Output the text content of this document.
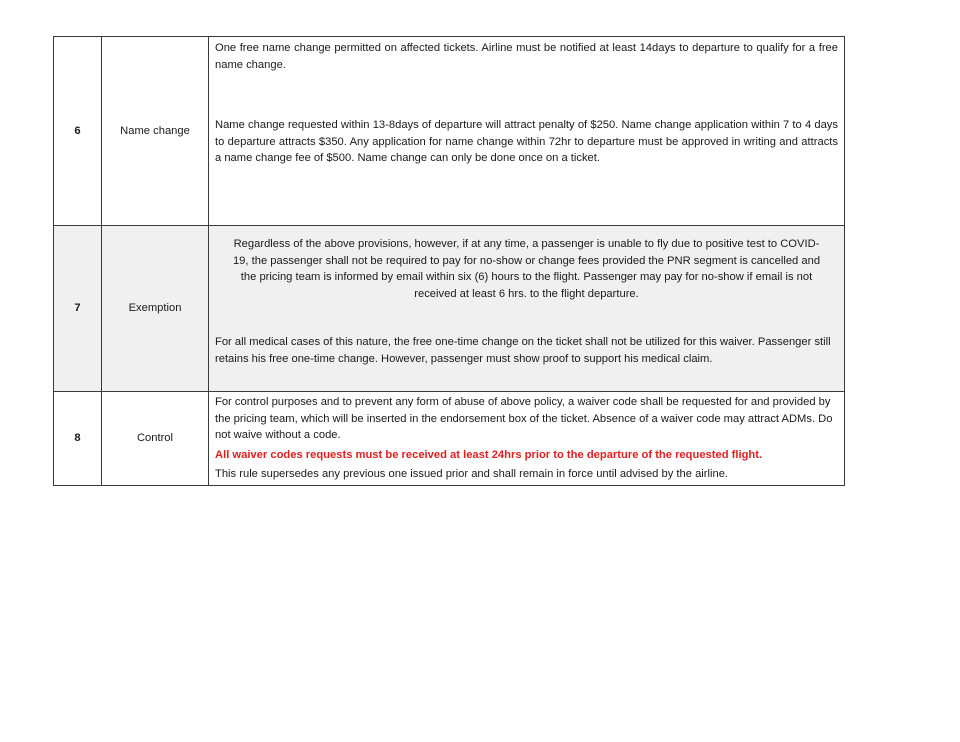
6	Name change	One free name change permitted on affected tickets. Airline must be notified at least 14days to departure to qualify for a free name change.

Name change requested within 13-8days of departure will attract penalty of $250. Name change application within 7 to 4 days to departure attracts $350. Any application for name change within 72hr to departure must be approved in writing and attracts a name change fee of $500. Name change can only be done once on a ticket.

7	Exemption	Regardless of the above provisions, however, if at any time, a passenger is unable to fly due to positive test to COVID-19, the passenger shall not be required to pay for no-show or change fees provided the PNR segment is cancelled and the pricing team is informed by email within six (6) hours to the flight. Passenger may pay for no-show if email is not received at least 6 hrs. to the flight departure.

For all medical cases of this nature, the free one-time change on the ticket shall not be utilized for this waiver. Passenger still retains his free one-time change. However, passenger must show proof to support his medical claim.

8	Control	For control purposes and to prevent any form of abuse of above policy, a waiver code shall be requested for and provided by the pricing team, which will be inserted in the endorsement box of the ticket. Absence of a waiver code may attract ADMs. Do not waive without a code.

All waiver codes requests must be received at least 24hrs prior to the departure of the requested flight.

This rule supersedes any previous one issued prior and shall remain in force until advised by the airline.
